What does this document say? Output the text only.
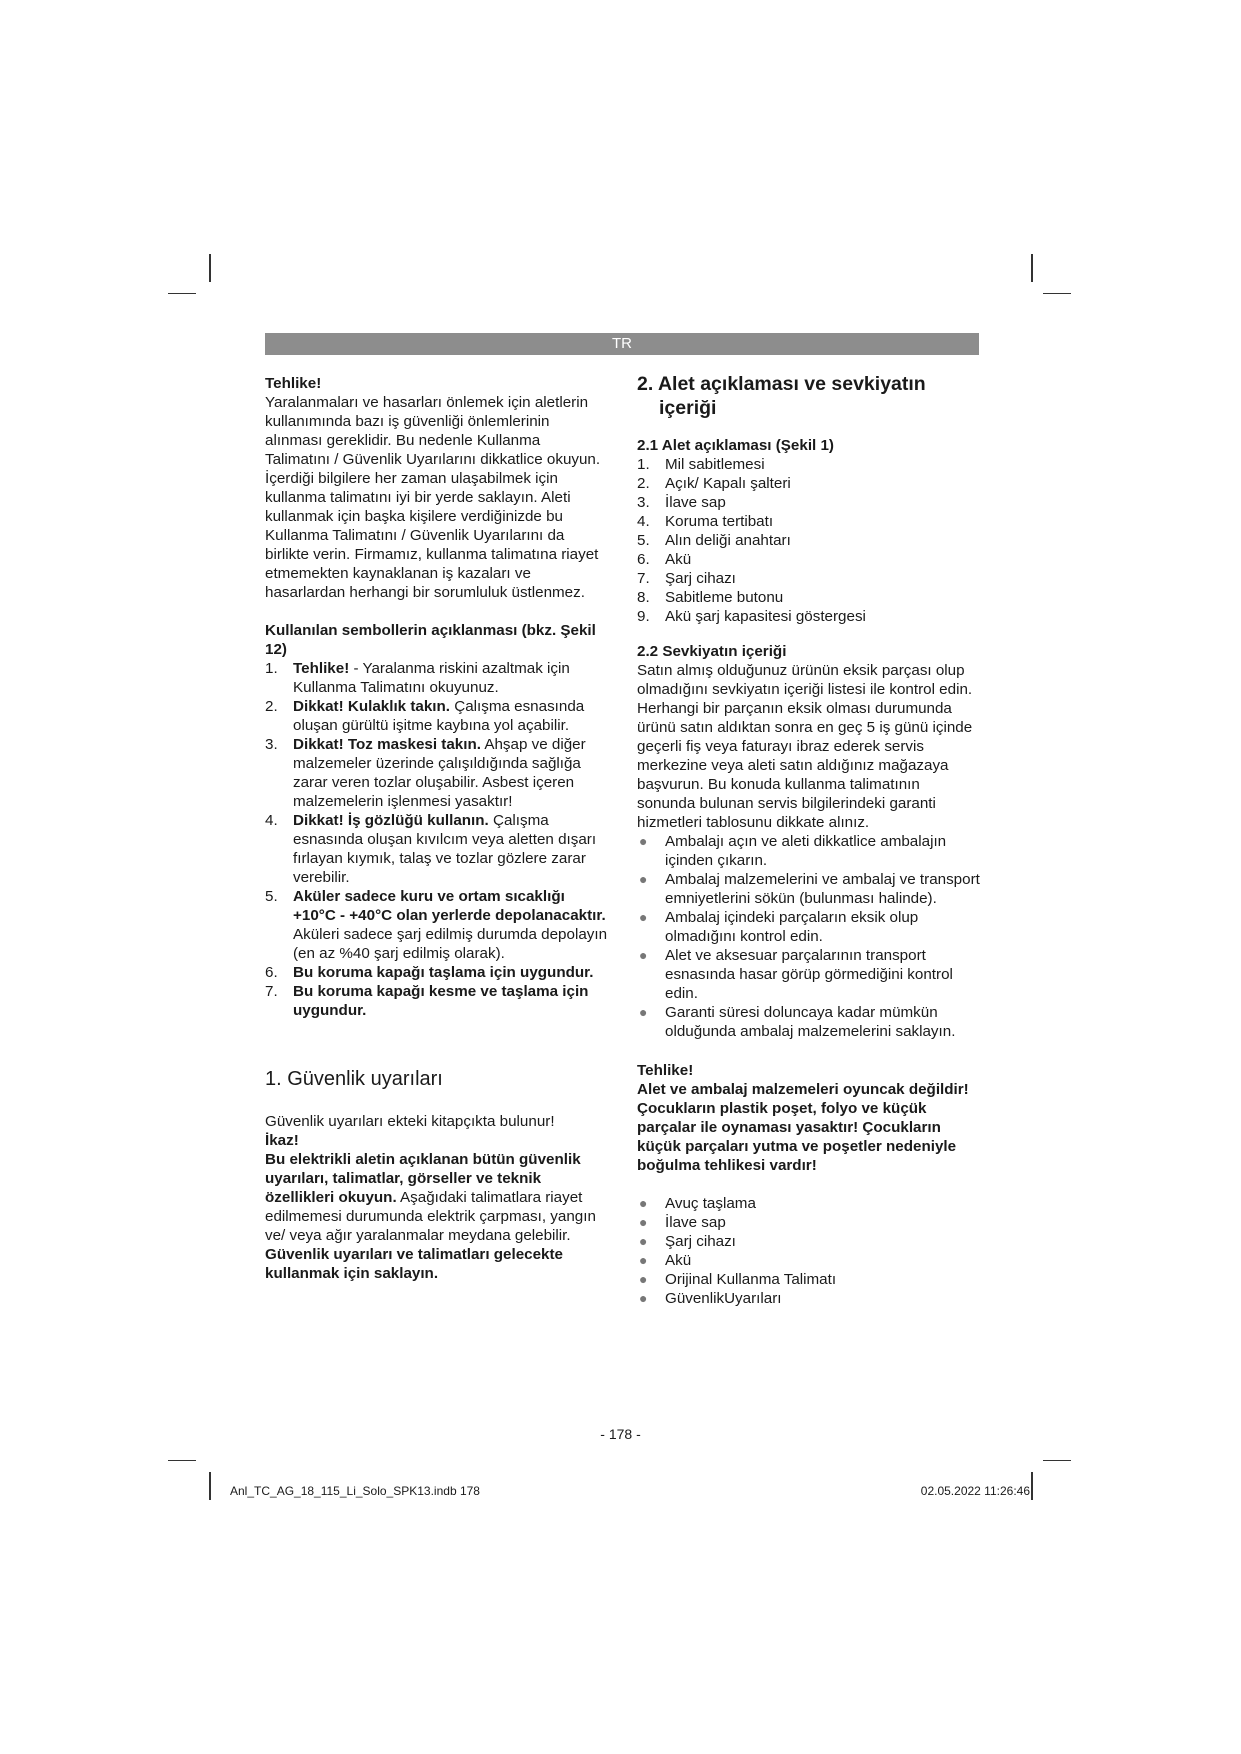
TR

Tehlike!

Yaralanmaları ve hasarları önlemek için aletlerin kullanımında bazı iş güvenliği önlemlerinin alınması gereklidir. Bu nedenle Kullanma Talimatını / Güvenlik Uyarılarını dikkatlice okuyun. İçerdiği bilgilere her zaman ulaşabilmek için kullanma talimatını iyi bir yerde saklayın. Aleti kullanmak için başka kişilere verdiğinizde bu Kullanma Talimatını / Güvenlik Uyarılarını da birlikte verin. Firmamız, kullanma talimatına riayet etmemekten kaynaklanan iş kazaları ve hasarlardan herhangi bir sorumluluk üstlenmez.

Kullanılan sembollerin açıklanması (bkz. Şekil 12)

1. Tehlike! - Yaralanma riskini azaltmak için Kullanma Talimatını okuyunuz.
2. Dikkat! Kulaklık takın. Çalışma esnasında oluşan gürültü işitme kaybına yol açabilir.
3. Dikkat! Toz maskesi takın. Ahşap ve diğer malzemeler üzerinde çalışıldığında sağlığa zarar veren tozlar oluşabilir. Asbest içeren malzemelerin işlenmesi yasaktır!
4. Dikkat! İş gözlüğü kullanın. Çalışma esnasında oluşan kıvılcım veya aletten dışarı fırlayan kıymık, talaş ve tozlar gözlere zarar verebilir.
5. Aküler sadece kuru ve ortam sıcaklığı +10°C - +40°C olan yerlerde depolanacaktır. Aküleri sadece şarj edilmiş durumda depolayın (en az %40 şarj edilmiş olarak).
6. Bu koruma kapağı taşlama için uygundur.
7. Bu koruma kapağı kesme ve taşlama için uygundur.

1. Güvenlik uyarıları

Güvenlik uyarıları ekteki kitapçıkta bulunur!

İkaz!

Bu elektrikli aletin açıklanan bütün güvenlik uyarıları, talimatlar, görseller ve teknik özellikleri okuyun. Aşağıdaki talimatlara riayet edilmemesi durumunda elektrik çarpması, yangın ve/ veya ağır yaralanmalar meydana gelebilir.

Güvenlik uyarıları ve talimatları gelecekte kullanmak için saklayın.

2. Alet açıklaması ve sevkiyatın

içeriği

2.1 Alet açıklaması (Şekil 1)

1. Mil sabitlemesi
2. Açık/ Kapalı şalteri
3. İlave sap
4. Koruma tertibatı
5. Alın deliği anahtarı
6. Akü
7. Şarj cihazı
8. Sabitleme butonu
9. Akü şarj kapasitesi göstergesi

2.2 Sevkiyatın içeriği

Satın almış olduğunuz ürünün eksik parçası olup olmadığını sevkiyatın içeriği listesi ile kontrol edin. Herhangi bir parçanın eksik olması durumunda ürünü satın aldıktan sonra en geç 5 iş günü içinde geçerli fiş veya faturayı ibraz ederek servis merkezine veya aleti satın aldığınız mağazaya başvurun. Bu konuda kullanma talimatının sonunda bulunan servis bilgilerindeki garanti hizmetleri tablosunu dikkate alınız.

● Ambalajı açın ve aleti dikkatlice ambalajın içinden çıkarın.
● Ambalaj malzemelerini ve ambalaj ve transport emniyetlerini sökün (bulunması halinde).
● Ambalaj içindeki parçaların eksik olup olmadığını kontrol edin.
● Alet ve aksesuar parçalarının transport esnasında hasar görüp görmediğini kontrol edin.
● Garanti süresi doluncaya kadar mümkün olduğunda ambalaj malzemelerini saklayın.

Tehlike!

Alet ve ambalaj malzemeleri oyuncak değildir! Çocukların plastik poşet, folyo ve küçük parçalar ile oynaması yasaktır! Çocukların küçük parçaları yutma ve poşetler nedeniyle boğulma tehlikesi vardır!

● Avuç taşlama
● İlave sap
● Şarj cihazı
● Akü
● Orijinal Kullanma Talimatı
● GüvenlikUyarıları
- 178 -
Anl_TC_AG_18_115_Li_Solo_SPK13.indb 178	02.05.2022 11:26:46
